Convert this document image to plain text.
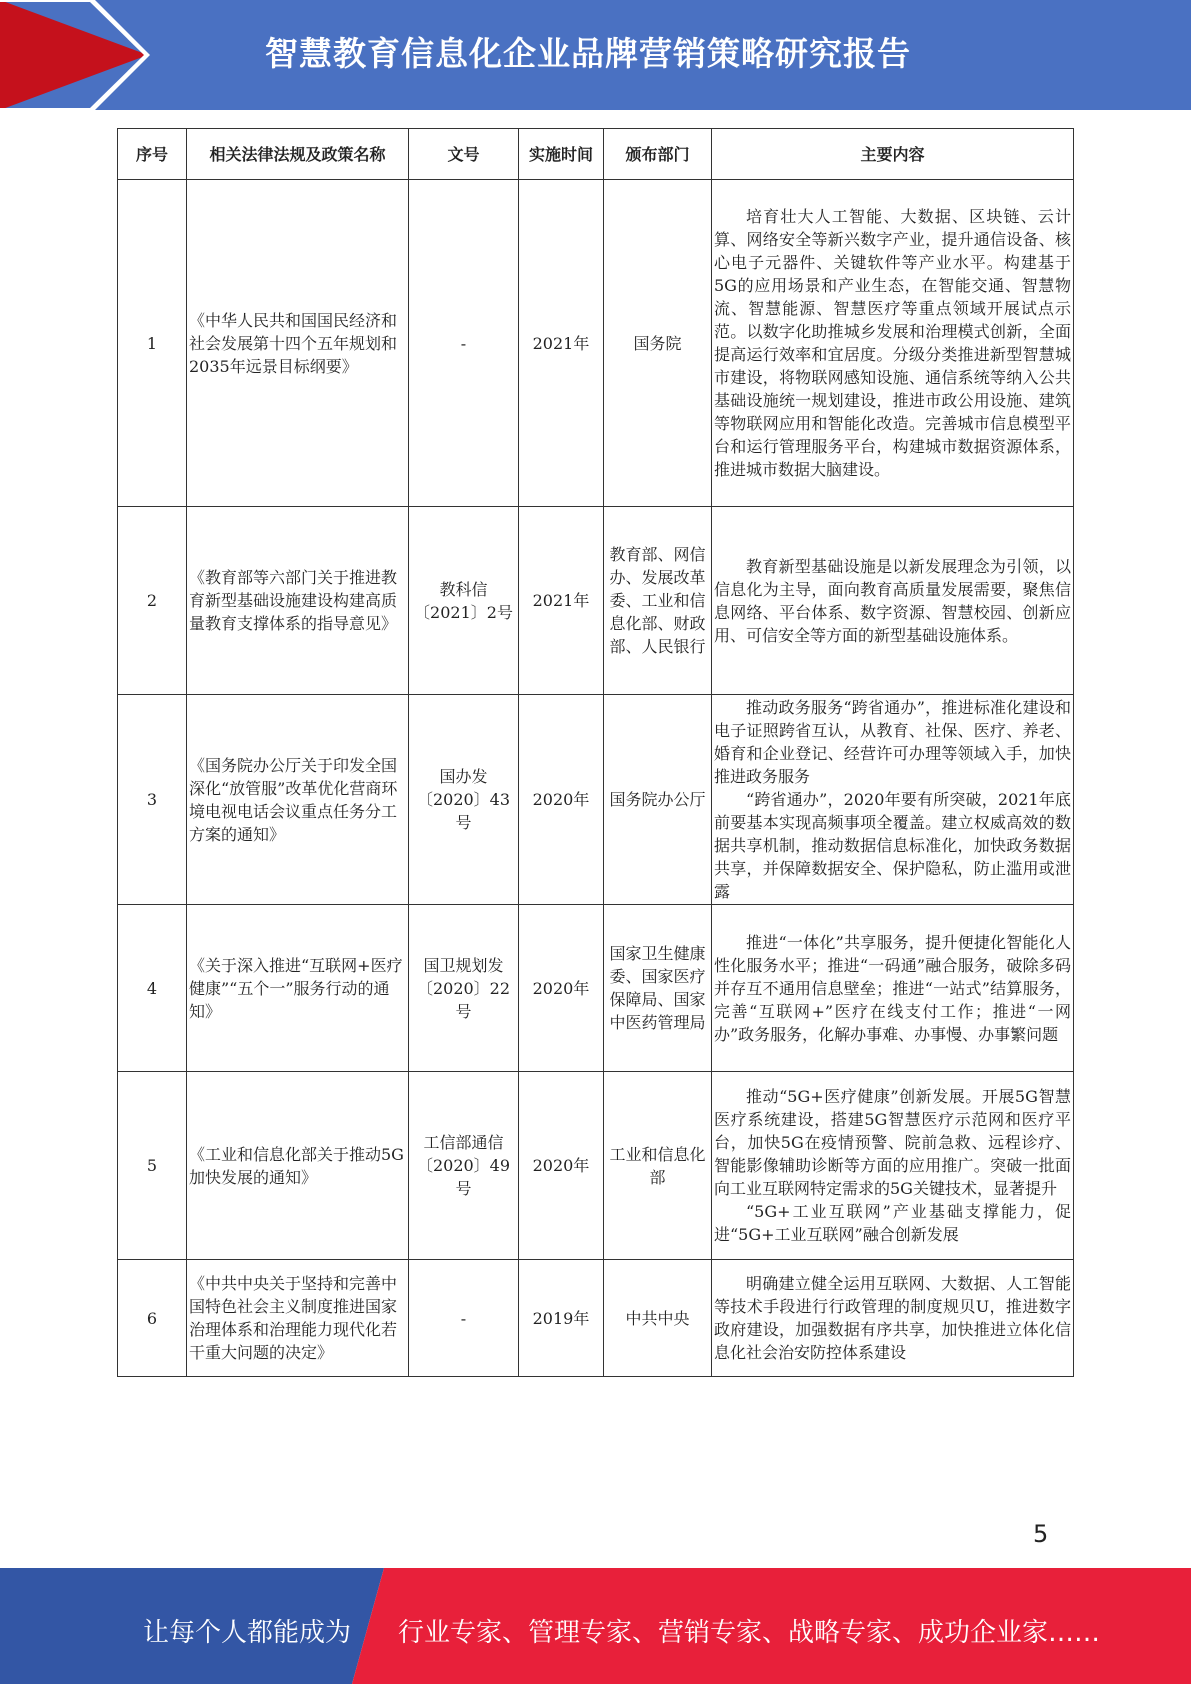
智慧教育信息化企业品牌营销策略研究报告
序号	相关法律法规及政策名称	文号	实施时间	颁布部门	主要内容
1	《中华人民共和国国民经济和社会发展第十四个五年规划和2035年远景目标纲要》	-	2021年	国务院	培育壮大人工智能、大数据、区块链、云计算、网络安全等新兴数字产业，提升通信设备、核心电子元器件、关键软件等产业水平。构建基于5G的应用场景和产业生态，在智能交通、智慧物流、智慧能源、智慧医疗等重点领域开展试点示范。以数字化助推城乡发展和治理模式创新，全面提高运行效率和宜居度。分级分类推进新型智慧城市建设，将物联网感知设施、通信系统等纳入公共基础设施统一规划建设，推进市政公用设施、建筑等物联网应用和智能化改造。完善城市信息模型平台和运行管理服务平台，构建城市数据资源体系，推进城市数据大脑建设。

2	《教育部等六部门关于推进教育新型基础设施建设构建高质量教育支撑体系的指导意见》	教科信〔2021〕2号	2021年	教育部、网信办、发展改革委、工业和信息化部、财政部、人民银行	教育新型基础设施是以新发展理念为引领，以信息化为主导，面向教育高质量发展需要，聚焦信息网络、平台体系、数字资源、智慧校园、创新应用、可信安全等方面的新型基础设施体系。

3	《国务院办公厅关于印发全国深化“放管服”改革优化营商环境电视电话会议重点任务分工方案的通知》	国办发〔2020〕43号	2020年	国务院办公厅	推动政务服务“跨省通办”，推进标准化建设和电子证照跨省互认，从教育、社保、医疗、养老、婚育和企业登记、经营许可办理等领域入手，加快推进政务服务

“跨省通办”，2020年要有所突破，2021年底前要基本实现高频事项全覆盖。建立权威高效的数据共享机制，推动数据信息标准化，加快政务数据共享，并保障数据安全、保护隐私，防止滥用或泄露

4	《关于深入推进“互联网+医疗健康”“五个一”服务行动的通知》	国卫规划发〔2020〕22号	2020年	国家卫生健康委、国家医疗保障局、国家中医药管理局	推进“一体化”共享服务，提升便捷化智能化人性化服务水平；推进“一码通”融合服务，破除多码并存互不通用信息壁垒；推进“一站式”结算服务，完善“互联网+”医疗在线支付工作；推进“一网办”政务服务，化解办事难、办事慢、办事繁问题

5	《工业和信息化部关于推动5G加快发展的通知》	工信部通信〔2020〕49号	2020年	工业和信息化部	推动“5G+医疗健康”创新发展。开展5G智慧医疗系统建设，搭建5G智慧医疗示范网和医疗平台，加快5G在疫情预警、院前急救、远程诊疗、智能影像辅助诊断等方面的应用推广。突破一批面向工业互联网特定需求的5G关键技术，显著提升

“5G+工业互联网”产业基础支撑能力，促进“5G+工业互联网”融合创新发展

6	《中共中央关于坚持和完善中国特色社会主义制度推进国家治理体系和治理能力现代化若干重大问题的决定》	-	2019年	中共中央	明确建立健全运用互联网、大数据、人工智能等技术手段进行行政管理的制度规贝U，推进数字政府建设，加强数据有序共享，加快推进立体化信息化社会治安防控体系建设

5
让每个人都能成为 行业专家、管理专家、营销专家、战略专家、成功企业家……
